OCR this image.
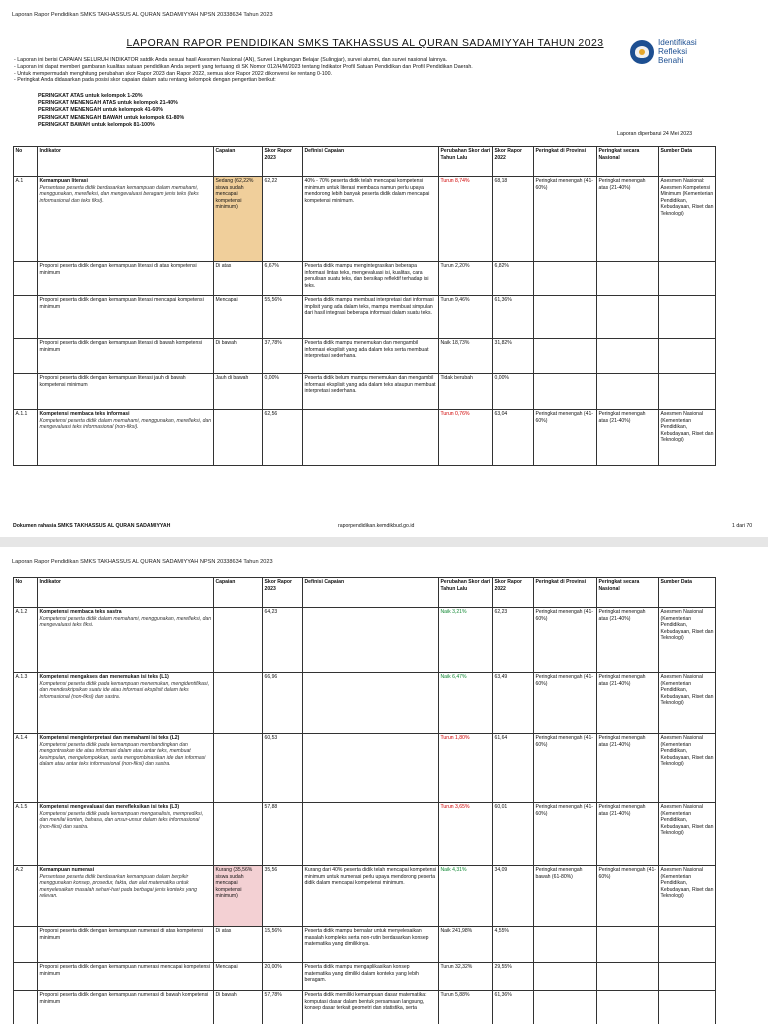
Laporan Rapor Pendidikan SMKS TAKHASSUS AL QURAN SADAMIYYAH NPSN 20338634 Tahun 2023
LAPORAN RAPOR PENDIDIKAN SMKS TAKHASSUS AL QURAN SADAMIYYAH TAHUN 2023	Identifikasi
Refleksi
Benahi
- Laporan ini berisi CAPAIAN SELURUH INDIKATOR satdik Anda sesuai hasil Asesmen Nasional (AN), Survei Lingkungan Belajar (Sulingjar), survei alumni, dan survei nasional lainnya.
- Laporan ini dapat memberi gambaran kualitas satuan pendidikan Anda seperti yang tertuang di SK Nomor 012/H/M/2023 tentang Indikator Profil Satuan Pendidikan dan Profil Pendidikan Daerah.
- Untuk mempermudah menghitung perubahan skor Rapor 2023 dan Rapor 2022, semua skor Rapor 2022 dikonversi ke rentang 0-100.
- Peringkat Anda didasarkan pada posisi skor capaian dalam satu rentang kelompok dengan pengertian berikut:
PERINGKAT ATAS untuk kelompok 1-20%
PERINGKAT MENENGAH ATAS untuk kelompok 21-40%
PERINGKAT MENENGAH untuk kelompok 41-60%
PERINGKAT MENENGAH BAWAH untuk kelompok 61-80%
PERINGKAT BAWAH untuk kelompok 81-100%
Laporan diperbarui 24 Mei 2023
No	Indikator	Capaian	Skor Rapor 2023	Definisi Capaian	Perubahan Skor dari Tahun Lalu	Skor Rapor 2022	Peringkat di Provinsi	Peringkat secara Nasional	Sumber Data
A.1	Kemampuan literasi
Persentase peserta didik berdasarkan kemampuan dalam memahami, menggunakan, merefleksi, dan mengevaluasi beragam jenis teks (teks informasional dan teks fiksi).	Sedang (62,22% siswa sudah mencapai kompetensi minimum)	62,22	40% - 70% peserta didik telah mencapai kompetensi minimum untuk literasi membaca namun perlu upaya mendorong lebih banyak peserta didik dalam mencapai kompetensi minimum.	Turun 8,74%	68,18	Peringkat menengah (41-60%)	Peringkat menengah atas (21-40%)	Asesmen Nasional: Asesmen Kompetensi Minimum (Kementerian Pendidikan, Kebudayaan, Riset dan Teknologi)

	Proporsi peserta didik dengan kemampuan literasi di atas kompetensi minimum	Di atas	6,67%	Peserta didik mampu mengintegrasikan beberapa informasi lintas teks, mengevaluasi isi, kualitas, cara penulisan suatu teks, dan bersikap reflektif terhadap isi teks.	Turun 2,20%	6,82%			

	Proporsi peserta didik dengan kemampuan literasi mencapai kompetensi minimum	Mencapai	55,56%	Peserta didik mampu membuat interpretasi dari informasi implisit yang ada dalam teks, mampu membuat simpulan dari hasil integrasi beberapa informasi dalam suatu teks.	Turun 9,46%	61,36%			

	Proporsi peserta didik dengan kemampuan literasi di bawah kompetensi minimum	Di bawah	37,78%	Peserta didik mampu menemukan dan mengambil informasi eksplisit yang ada dalam teks serta membuat interpretasi sederhana.	Naik 18,73%	31,82%			

	Proporsi peserta didik dengan kemampuan literasi jauh di bawah kompetensi minimum	Jauh di bawah	0,00%	Peserta didik belum mampu menemukan dan mengambil informasi eksplisit yang ada dalam teks ataupun membuat interpretasi sederhana.	Tidak berubah	0,00%			
A.1.1	Kompetensi membaca teks informasi
Kompetensi peserta didik dalam memahami, menggunakan, merefleksi, dan mengevaluasi teks informasional (non-fiksi).		62,56		Turun 0,76%	63,04	Peringkat menengah (41-60%)	Peringkat menengah atas (21-40%)	Asesmen Nasional (Kementerian Pendidikan, Kebudayaan, Riset dan Teknologi)
Dokumen rahasia SMKS TAKHASSUS AL QURAN SADAMIYYAH	raporpendidikan.kemdikbud.go.id	1 dari 70
Laporan Rapor Pendidikan SMKS TAKHASSUS AL QURAN SADAMIYYAH NPSN 20338634 Tahun 2023
No	Indikator	Capaian	Skor Rapor 2023	Definisi Capaian	Perubahan Skor dari Tahun Lalu	Skor Rapor 2022	Peringkat di Provinsi	Peringkat secara Nasional	Sumber Data
A.1.2	Kompetensi membaca teks sastra
Kompetensi peserta didik dalam memahami, menggunakan, merefleksi, dan mengevaluasi teks fiksi.		64,23		Naik 3,21%	62,23	Peringkat menengah (41-60%)	Peringkat menengah atas (21-40%)	Asesmen Nasional (Kementerian Pendidikan, Kebudayaan, Riset dan Teknologi)
A.1.3	Kompetensi mengakses dan menemukan isi teks (L1)
Kompetensi peserta didik pada kemampuan menemukan, mengidentifikasi, dan mendeskripsikan suatu ide atau informasi eksplisit dalam teks informasional (non-fiksi) dan sastra.		66,96		Naik 6,47%	63,49	Peringkat menengah (41-60%)	Peringkat menengah atas (21-40%)	Asesmen Nasional (Kementerian Pendidikan, Kebudayaan, Riset dan Teknologi)
A.1.4	Kompetensi menginterpretasi dan memahami isi teks (L2)
Kompetensi peserta didik pada kemampuan membandingkan dan mengontraskan ide atau informasi dalam atau antar teks, membuat kesimpulan, mengelompokkan, serta mengombinasikan ide dan informasi dalam atau antar teks informasional (non-fiksi) dan sastra.		60,53		Turun 1,80%	61,64	Peringkat menengah (41-60%)	Peringkat menengah atas (21-40%)	Asesmen Nasional (Kementerian Pendidikan, Kebudayaan, Riset dan Teknologi)
A.1.5	Kompetensi mengevaluasi dan merefleksikan isi teks (L3)
Kompetensi peserta didik pada kemampuan menganalisis, memprediksi, dan menilai konten, bahasa, dan unsur-unsur dalam teks informasional (non-fiksi) dan sastra.		57,88		Turun 3,65%	60,01	Peringkat menengah (41-60%)	Peringkat menengah atas (21-40%)	Asesmen Nasional (Kementerian Pendidikan, Kebudayaan, Riset dan Teknologi)
A.2	Kemampuan numerasi
Persentase peserta didik berdasarkan kemampuan dalam berpikir menggunakan konsep, prosedur, fakta, dan alat matematika untuk menyelesaikan masalah sehari-hari pada berbagai jenis konteks yang relevan.	Kurang (35,56% siswa sudah mencapai kompetensi minimum)	35,56	Kurang dari 40% peserta didik telah mencapai kompetensi minimum untuk numerasi perlu upaya mendorong peserta didik dalam mencapai kompetensi minimum.	Naik 4,31%	34,09	Peringkat menengah bawah (61-80%)	Peringkat menengah (41-60%)	Asesmen Nasional (Kementerian Pendidikan, Kebudayaan, Riset dan Teknologi)

	Proporsi peserta didik dengan kemampuan numerasi di atas kompetensi minimum	Di atas	15,56%	Peserta didik mampu bernalar untuk menyelesaikan masalah kompleks serta non-rutin berdasarkan konsep matematika yang dimilikinya.	Naik 241,98%	4,55%			

	Proporsi peserta didik dengan kemampuan numerasi mencapai kompetensi minimum	Mencapai	20,00%	Peserta didik mampu mengaplikasikan konsep matematika yang dimiliki dalam konteks yang lebih beragam.	Turun 32,32%	29,55%			

	Proporsi peserta didik dengan kemampuan numerasi di bawah kompetensi minimum	Di bawah	57,78%	Peserta didik memiliki kemampuan dasar matematika: komputasi dasar dalam bentuk persamaan langsung, konsep dasar terkait geometri dan statistika, serta	Turun 5,88%	61,36%			
